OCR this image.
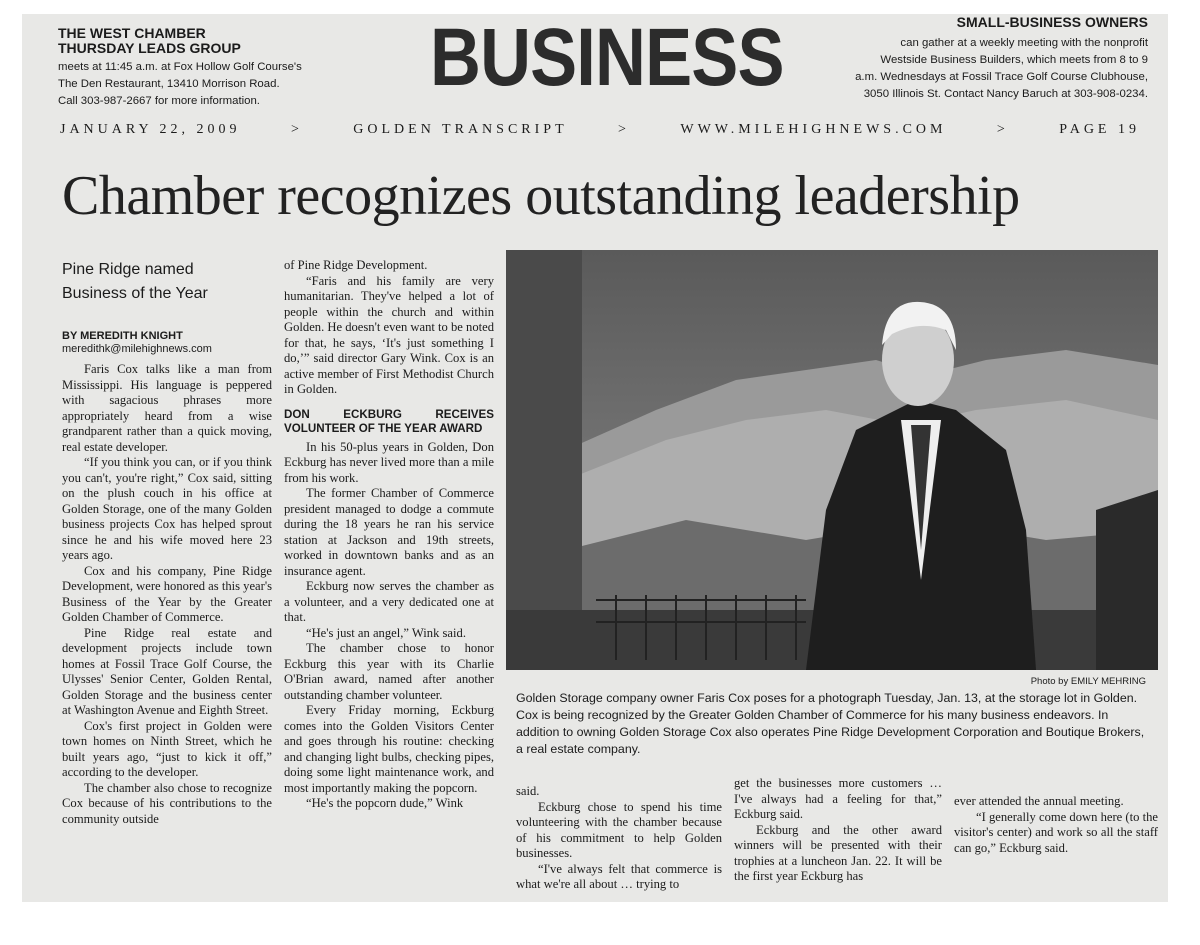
THE WEST CHAMBER
THURSDAY LEADS GROUP
meets at 11:45 a.m. at Fox Hollow Golf Course's
The Den Restaurant, 13410 Morrison Road.
Call 303-987-2667 for more information.	BUSINESS	SMALL-BUSINESS OWNERS
can gather at a weekly meeting with the nonprofit
Westside Business Builders, which meets from 8 to 9
a.m. Wednesdays at Fossil Trace Golf Course Clubhouse,
3050 Illinois St. Contact Nancy Baruch at 303-908-0234.
JANUARY 22, 2009	>	GOLDEN TRANSCRIPT	>	WWW.MILEHIGHNEWS.COM	>	PAGE 19
Chamber recognizes outstanding leadership
Pine Ridge named
Business of the Year
BY MEREDITH KNIGHT
meredithk@milehighnews.com

Faris Cox talks like a man from Mississippi. His language is peppered with sagacious phrases more appropriately heard from a wise grandparent rather than a quick moving, real estate developer.

“If you think you can, or if you think you can't, you're right,” Cox said, sitting on the plush couch in his office at Golden Storage, one of the many Golden business projects Cox has helped sprout since he and his wife moved here 23 years ago.

Cox and his company, Pine Ridge Development, were honored as this year's Business of the Year by the Greater Golden Chamber of Commerce.

Pine Ridge real estate and development projects include town homes at Fossil Trace Golf Course, the Ulysses' Senior Center, Golden Rental, Golden Storage and the business center at Washington Avenue and Eighth Street.

Cox's first project in Golden were town homes on Ninth Street, which he built years ago, “just to kick it off,” according to the developer.

The chamber also chose to recognize Cox because of his contributions to the community outside

of Pine Ridge Development.

“Faris and his family are very humanitarian. They've helped a lot of people within the church and within Golden. He doesn't even want to be noted for that, he says, ‘It's just something I do,’” said director Gary Wink. Cox is an active member of First Methodist Church in Golden.

DON ECKBURG RECEIVES VOLUNTEER OF THE YEAR AWARD

In his 50-plus years in Golden, Don Eckburg has never lived more than a mile from his work.

The former Chamber of Commerce president managed to dodge a commute during the 18 years he ran his service station at Jackson and 19th streets, worked in downtown banks and as an insurance agent.

Eckburg now serves the chamber as a volunteer, and a very dedicated one at that.

“He's just an angel,” Wink said.

The chamber chose to honor Eckburg this year with its Charlie O'Brian award, named after another outstanding chamber volunteer.

Every Friday morning, Eckburg comes into the Golden Visitors Center and goes through his routine: checking and changing light bulbs, checking pipes, doing some light maintenance work, and most importantly making the popcorn.

“He's the popcorn dude,” Wink

Photo by EMILY MEHRING
Golden Storage company owner Faris Cox poses for a photograph Tuesday, Jan. 13, at the storage lot in Golden. Cox is being recognized by the Greater Golden Chamber of Commerce for his many business endeavors. In addition to owning Golden Storage Cox also operates Pine Ridge Development Corporation and Boutique Brokers, a real estate company.

said.

Eckburg chose to spend his time volunteering with the chamber because of his commitment to help Golden businesses.

“I've always felt that commerce is what we're all about … trying to

get the businesses more customers … I've always had a feeling for that,” Eckburg said.

Eckburg and the other award winners will be presented with their trophies at a luncheon Jan. 22. It will be the first year Eckburg has

ever attended the annual meeting.

“I generally come down here (to the visitor's center) and work so all the staff can go,” Eckburg said.
